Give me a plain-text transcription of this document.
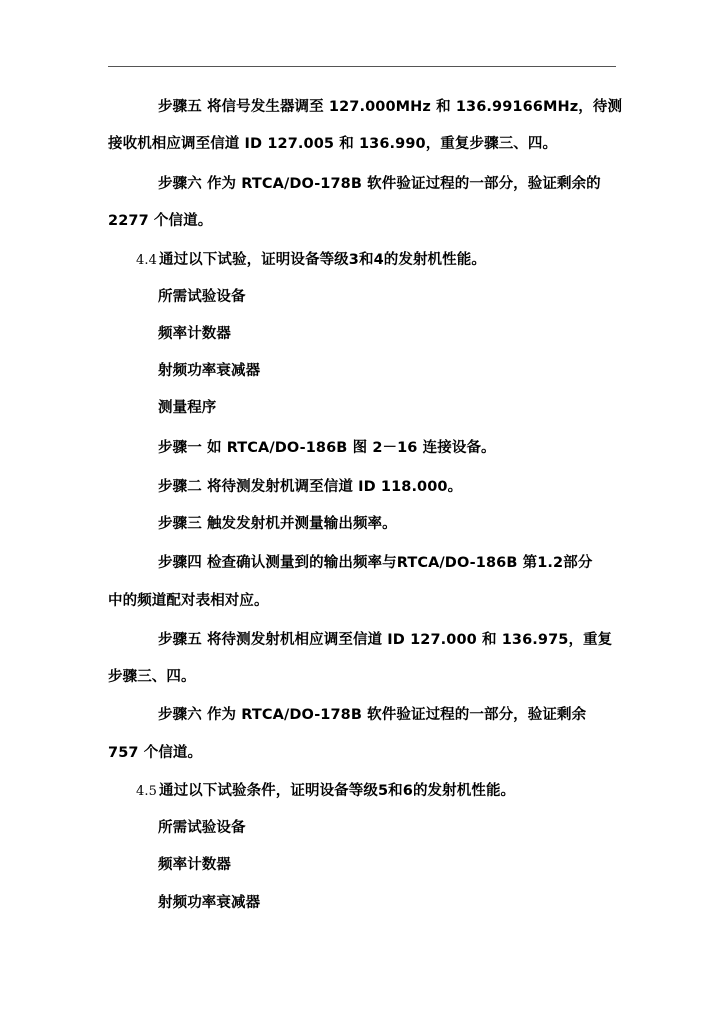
步骤五 将信号发生器调至 127.000MHz 和 136.99166MHz，待测
接收机相应调至信道 ID 127.005 和 136.990，重复步骤三、四。
步骤六 作为 RTCA/DO-178B 软件验证过程的一部分，验证剩余的
2277 个信道。
4.4 通过以下试验，证明设备等级3和4的发射机性能。
所需试验设备
频率计数器
射频功率衰减器
测量程序
步骤一 如 RTCA/DO-186B 图 2－16 连接设备。
步骤二 将待测发射机调至信道 ID 118.000。
步骤三 触发发射机并测量输出频率。
步骤四 检查确认测量到的输出频率与RTCA/DO-186B 第1.2部分
中的频道配对表相对应。
步骤五 将待测发射机相应调至信道 ID 127.000 和 136.975，重复
步骤三、四。
步骤六 作为 RTCA/DO-178B 软件验证过程的一部分，验证剩余
757 个信道。
4.5 通过以下试验条件，证明设备等级5和6的发射机性能。
所需试验设备
频率计数器
射频功率衰减器
